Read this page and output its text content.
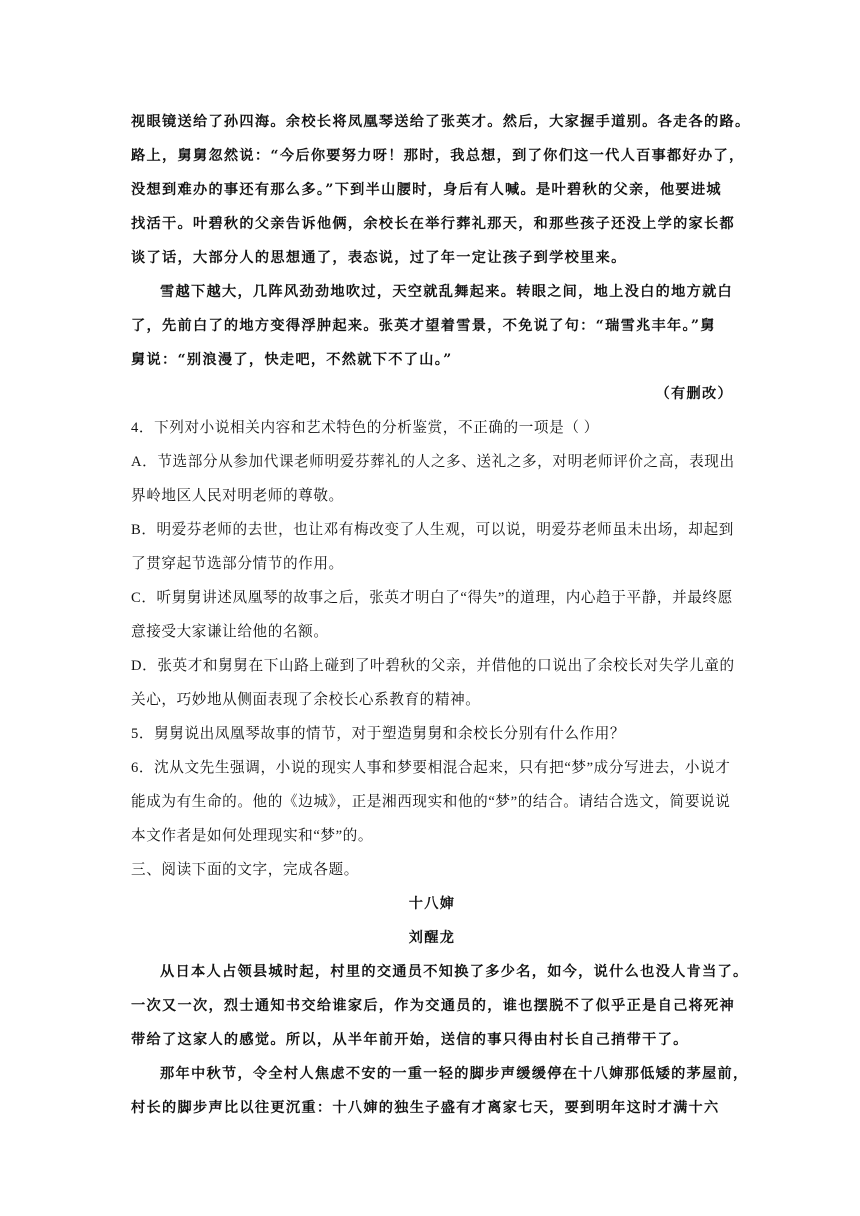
视眼镜送给了孙四海。余校长将凤凰琴送给了张英才。然后，大家握手道别。各走各的路。
路上，舅舅忽然说：“今后你要努力呀！那时，我总想，到了你们这一代人百事都好办了，
没想到难办的事还有那么多。”下到半山腰时，身后有人喊。是叶碧秋的父亲，他要进城
找活干。叶碧秋的父亲告诉他俩，余校长在举行葬礼那天，和那些孩子还没上学的家长都
谈了话，大部分人的思想通了，表态说，过了年一定让孩子到学校里来。
雪越下越大，几阵风劲劲地吹过，天空就乱舞起来。转眼之间，地上没白的地方就白
了，先前白了的地方变得浮肿起来。张英才望着雪景，不免说了句：“瑞雪兆丰年。”舅
舅说：“别浪漫了，快走吧，不然就下不了山。”
（有删改）
4．下列对小说相关内容和艺术特色的分析鉴赏，不正确的一项是（ ）
A．节选部分从参加代课老师明爱芬葬礼的人之多、送礼之多，对明老师评价之高，表现出
界岭地区人民对明老师的尊敬。
B．明爱芬老师的去世，也让邓有梅改变了人生观，可以说，明爱芬老师虽未出场，却起到
了贯穿起节选部分情节的作用。
C．听舅舅讲述凤凰琴的故事之后，张英才明白了“得失”的道理，内心趋于平静，并最终愿
意接受大家谦让给他的名额。
D．张英才和舅舅在下山路上碰到了叶碧秋的父亲，并借他的口说出了余校长对失学儿童的
关心，巧妙地从侧面表现了余校长心系教育的精神。
5．舅舅说出凤凰琴故事的情节，对于塑造舅舅和余校长分别有什么作用？
6．沈从文先生强调，小说的现实人事和梦要相混合起来，只有把“梦”成分写进去，小说才
能成为有生命的。他的《边城》，正是湘西现实和他的“梦”的结合。请结合选文，简要说说
本文作者是如何处理现实和“梦”的。
三、阅读下面的文字，完成各题。
十八婶
刘醒龙
从日本人占领县城时起，村里的交通员不知换了多少名，如今，说什么也没人肯当了。
一次又一次，烈士通知书交给谁家后，作为交通员的，谁也摆脱不了似乎正是自己将死神
带给了这家人的感觉。所以，从半年前开始，送信的事只得由村长自己捎带干了。
那年中秋节，令全村人焦虑不安的一重一轻的脚步声缓缓停在十八婶那低矮的茅屋前，
村长的脚步声比以往更沉重：十八婶的独生子盛有才离家七天，要到明年这时才满十六
